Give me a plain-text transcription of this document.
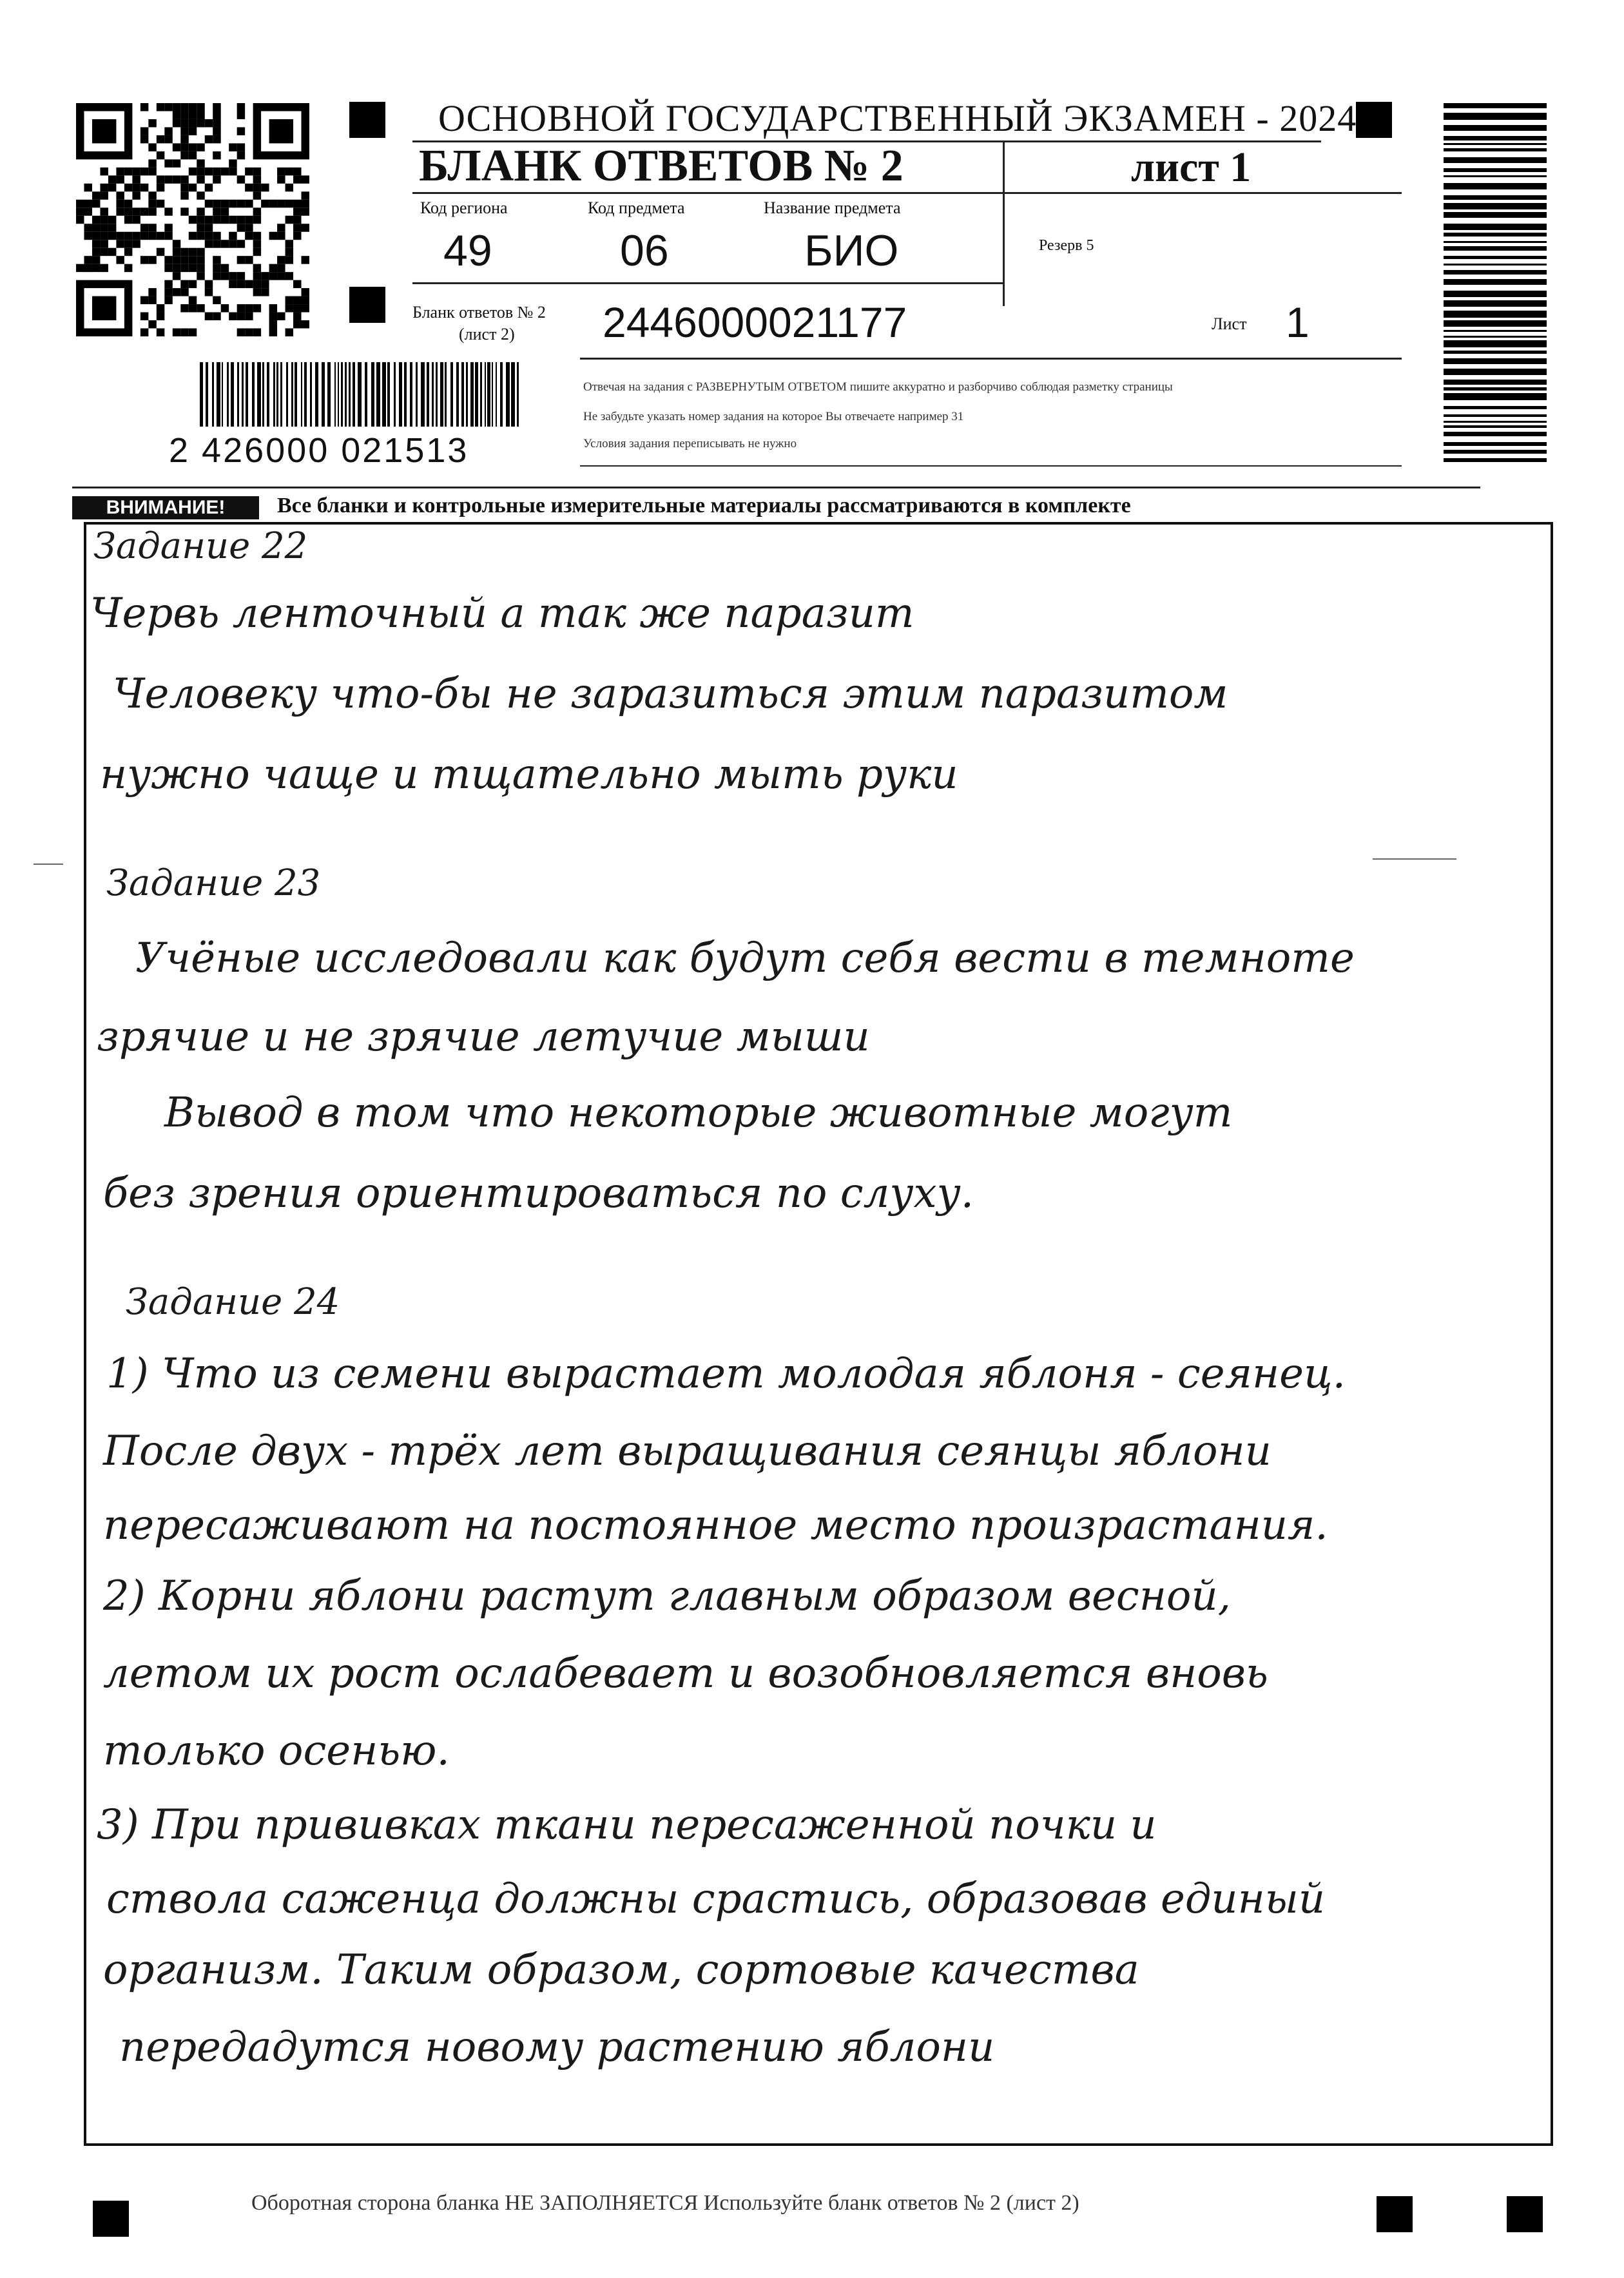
ОСНОВНОЙ ГОСУДАРСТВЕННЫЙ ЭКЗАМЕН - 2024
БЛАНК ОТВЕТОВ № 2	лист 1
Код региона
49
Код предмета
06
Название предмета
БИО	Резерв 5
Бланк ответов № 2
(лист 2) 2446000021177	Лист 1
Отвечая на задания с РАЗВЕРНУТЫМ ОТВЕТОМ пишите аккуратно и разборчиво соблюдая разметку страницы
Не забудьте указать номер задания на которое Вы отвечаете например 31
Условия задания переписывать не нужно
2 426000 021513
ВНИМАНИЕ!	Все бланки и контрольные измерительные материалы рассматриваются в комплекте
Задание 22
Червь ленточный а так же паразит
Человеку что-бы не заразиться этим паразитом
нужно чаще и тщательно мыть руки
Задание 23
Учёные исследовали как будут себя вести в темноте
зрячие и не зрячие летучие мыши
Вывод в том что некоторые животные могут
без зрения ориентироваться по слуху.
Задание 24
1) Что из семени вырастает молодая яблоня - сеянец.
После двух - трёх лет выращивания сеянцы яблони
пересаживают на постоянное место произрастания.
2) Корни яблони растут главным образом весной,
летом их рост ослабевает и возобновляется вновь
только осенью.
3) При прививках ткани пересаженной почки и
ствола саженца должны срастись, образовав единый
организм. Таким образом, сортовые качества
передадутся новому растению яблони
Оборотная сторона бланка НЕ ЗАПОЛНЯЕТСЯ Используйте бланк ответов № 2 (лист 2)
